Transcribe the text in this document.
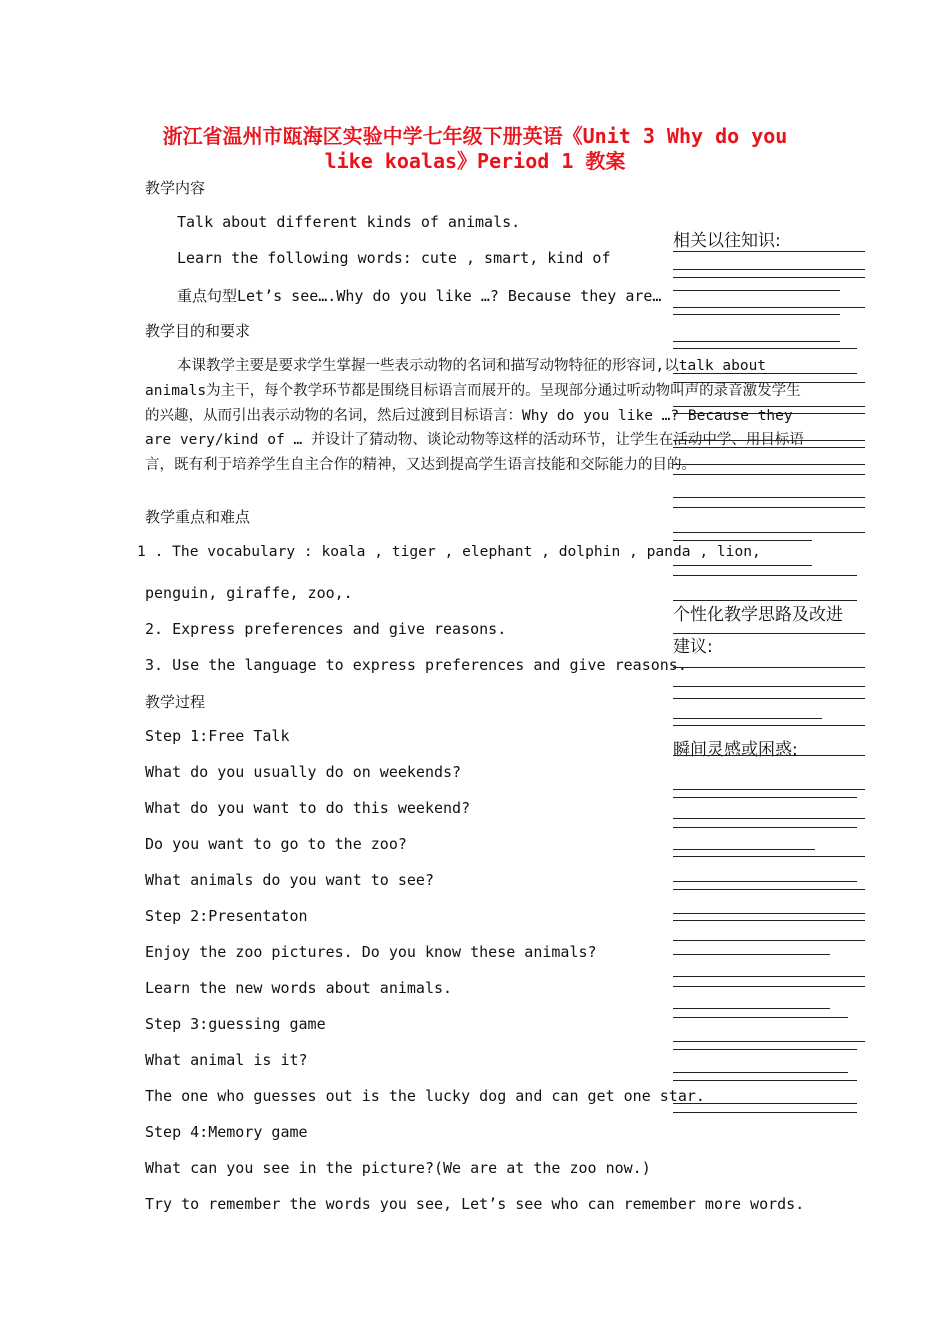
浙江省温州市瓯海区实验中学七年级下册英语《Unit 3 Why do you
like koalas》Period 1 教案
教学内容
Talk about different kinds of animals.
Learn the following words: cute , smart, kind of
重点句型Let’s see….Why do you like …? Because they are…
教学目的和要求
本课教学主要是要求学生掌握一些表示动物的名词和描写动物特征的形容词,以talk about animals为主干，每个教学环节都是围绕目标语言而展开的。呈现部分通过听动物叫声的录音激发学生的兴趣，从而引出表示动物的名词，然后过渡到目标语言：Why do you like …? Because they are very/kind of … 并设计了猜动物、谈论动物等这样的活动环节，让学生在活动中学、用目标语言，既有利于培养学生自主合作的精神，又达到提高学生语言技能和交际能力的目的。
教学重点和难点
1 . The vocabulary : koala , tiger , elephant , dolphin , panda , lion,
penguin, giraffe, zoo,.
2. Express preferences and give reasons.
3. Use the language to express preferences and give reasons.
教学过程
Step 1:Free Talk
What do you usually do on weekends?
What do you want to do this weekend?
Do you want to go to the zoo?
What animals do you want to see?
Step 2:Presentaton
Enjoy the zoo pictures. Do you know these animals?
Learn the new words about animals.
Step 3:guessing game
What animal is it?
The one who guesses out is the lucky dog and can get one star.
Step 4:Memory game
What can you see in the picture?(We are at the zoo now.)
Try to remember the words you see, Let’s see who can remember more words.
相关以往知识:
个性化教学思路及改进
建议:
瞬间灵感或困惑:
